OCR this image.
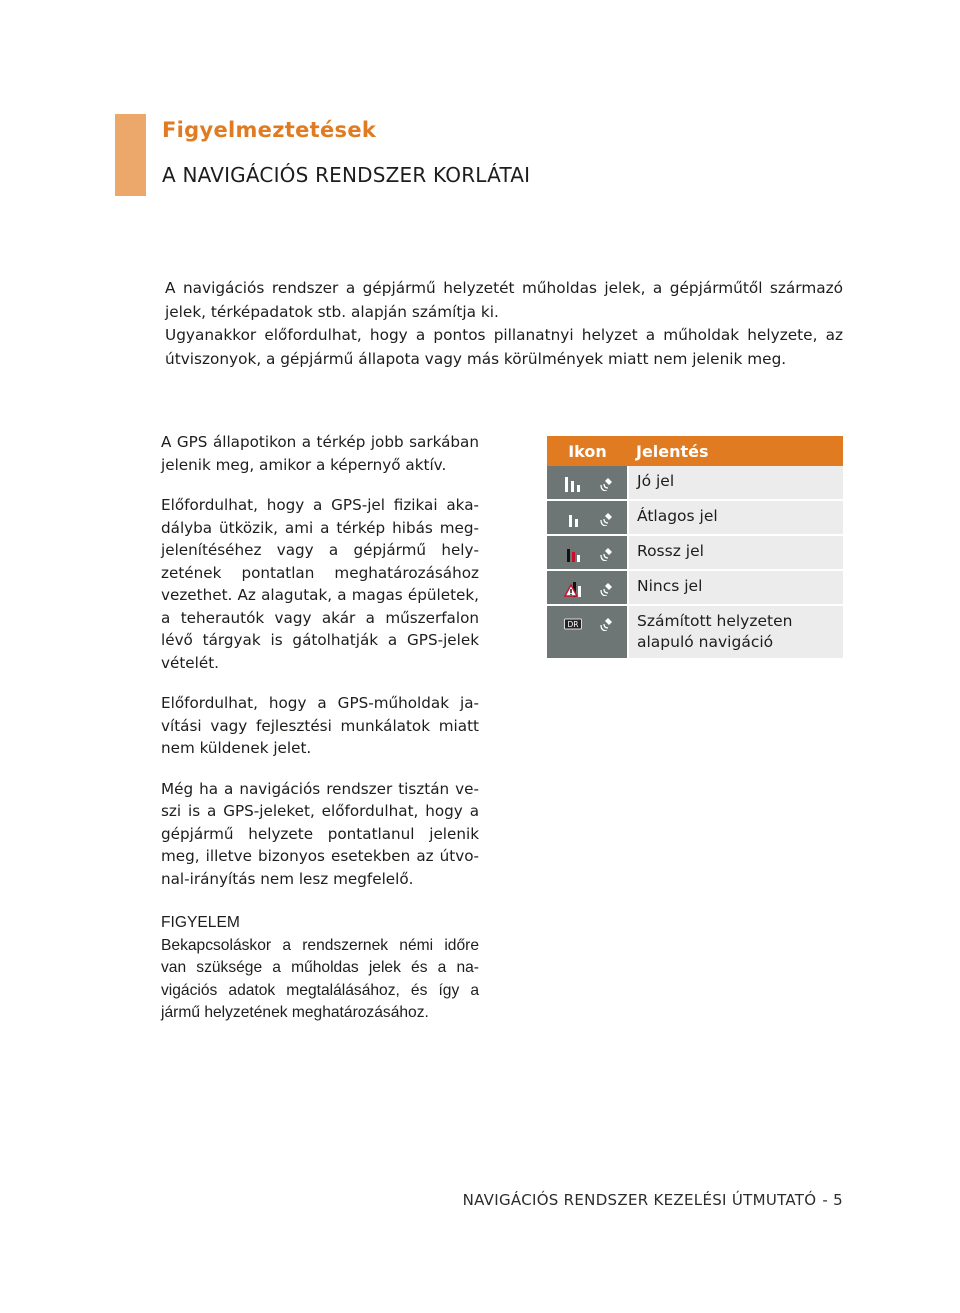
Figyelmeztetések
A NAVIGÁCIÓS RENDSZER KORLÁTAI

A navigációs rendszer a gépjármű helyzetét műholdas jelek, a gépjárműtől származó jelek, térképadatok stb. alapján számítja ki.

Ugyanakkor előfordulhat, hogy a pontos pillanatnyi helyzet a műholdak helyzete, az útviszonyok, a gépjármű állapota vagy más körülmények miatt nem jelenik meg.

A GPS állapotikon a térkép jobb sarkában jelenik meg, amikor a képernyő aktív.

Előfordulhat, hogy a GPS-jel fizikai akadályba ütközik, ami a térkép hibás megjelenítéséhez vagy a gépjármű helyzetének pontatlan meghatározásához vezethet. Az alagutak, a magas épületek, a teherautók vagy akár a műszerfalon lévő tárgyak is gátolhatják a GPS-jelek vételét.

Előfordulhat, hogy a GPS-műholdak javítási vagy fejlesztési munkálatok miatt nem küldenek jelet.

Még ha a navigációs rendszer tisztán veszi is a GPS-jeleket, előfordulhat, hogy a gépjármű helyzete pontatlanul jelenik meg, illetve bizonyos esetekben az útvonal-irányítás nem lesz megfelelő.

FIGYELEM
Bekapcsoláskor a rendszernek némi időre van szüksége a műholdas jelek és a navigációs adatok megtalálásához, és így a jármű helyzetének meghatározásához.
Ikon	Jelentés

	Jó jel

	Átlagos jel

	Rossz jel

	Nincs jel

DR	Számított helyzeten alapuló navigáció
NAVIGÁCIÓS RENDSZER KEZELÉSI ÚTMUTATÓ - 5
